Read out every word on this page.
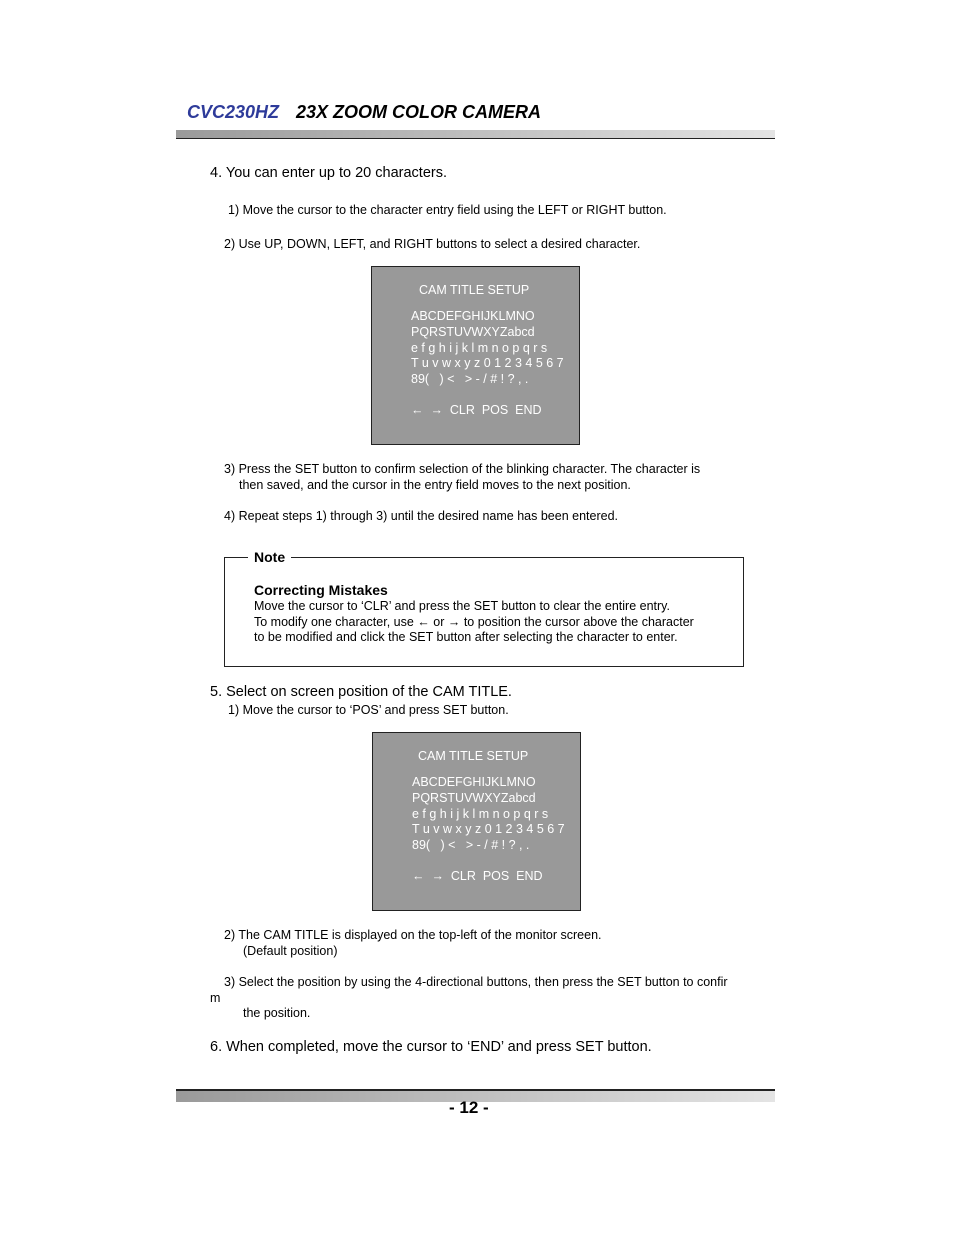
CVC230HZ 23X ZOOM COLOR CAMERA
4. You can enter up to 20 characters.
1) Move the cursor to the character entry field using the LEFT or RIGHT button.
2) Use UP, DOWN, LEFT, and RIGHT buttons to select a desired character.
CAM TITLE SETUP
ABCDEFGHIJKLMNO
PQRSTUVWXYZabcd
e f g h i j k l m n o p q r s
T u v w x y z 0 1 2 3 4 5 6 7
89(   ) <   > - / # ! ? , .
←  →  CLR  POS  END
3) Press the SET button to confirm selection of the blinking character. The character is
then saved, and the cursor in the entry field moves to the next position.
4) Repeat steps 1) through 3) until the desired name has been entered.
Note
Correcting Mistakes
Move the cursor to ‘CLR’ and press the SET button to clear the entire entry.
To modify one character, use ← or → to position the cursor above the character
to be modified and click the SET button after selecting the character to enter.
5. Select on screen position of the CAM TITLE.
1) Move the cursor to ‘POS’ and press SET button.
CAM TITLE SETUP
ABCDEFGHIJKLMNO
PQRSTUVWXYZabcd
e f g h i j k l m n o p q r s
T u v w x y z 0 1 2 3 4 5 6 7
89(   ) <   > - / # ! ? , .
←  →  CLR  POS  END
2) The CAM TITLE is displayed on the top-left of the monitor screen.
(Default position)
3) Select the position by using the 4-directional buttons, then press the SET button to confir
m
the position.
6. When completed, move the cursor to ‘END’ and press SET button.
- 12 -
